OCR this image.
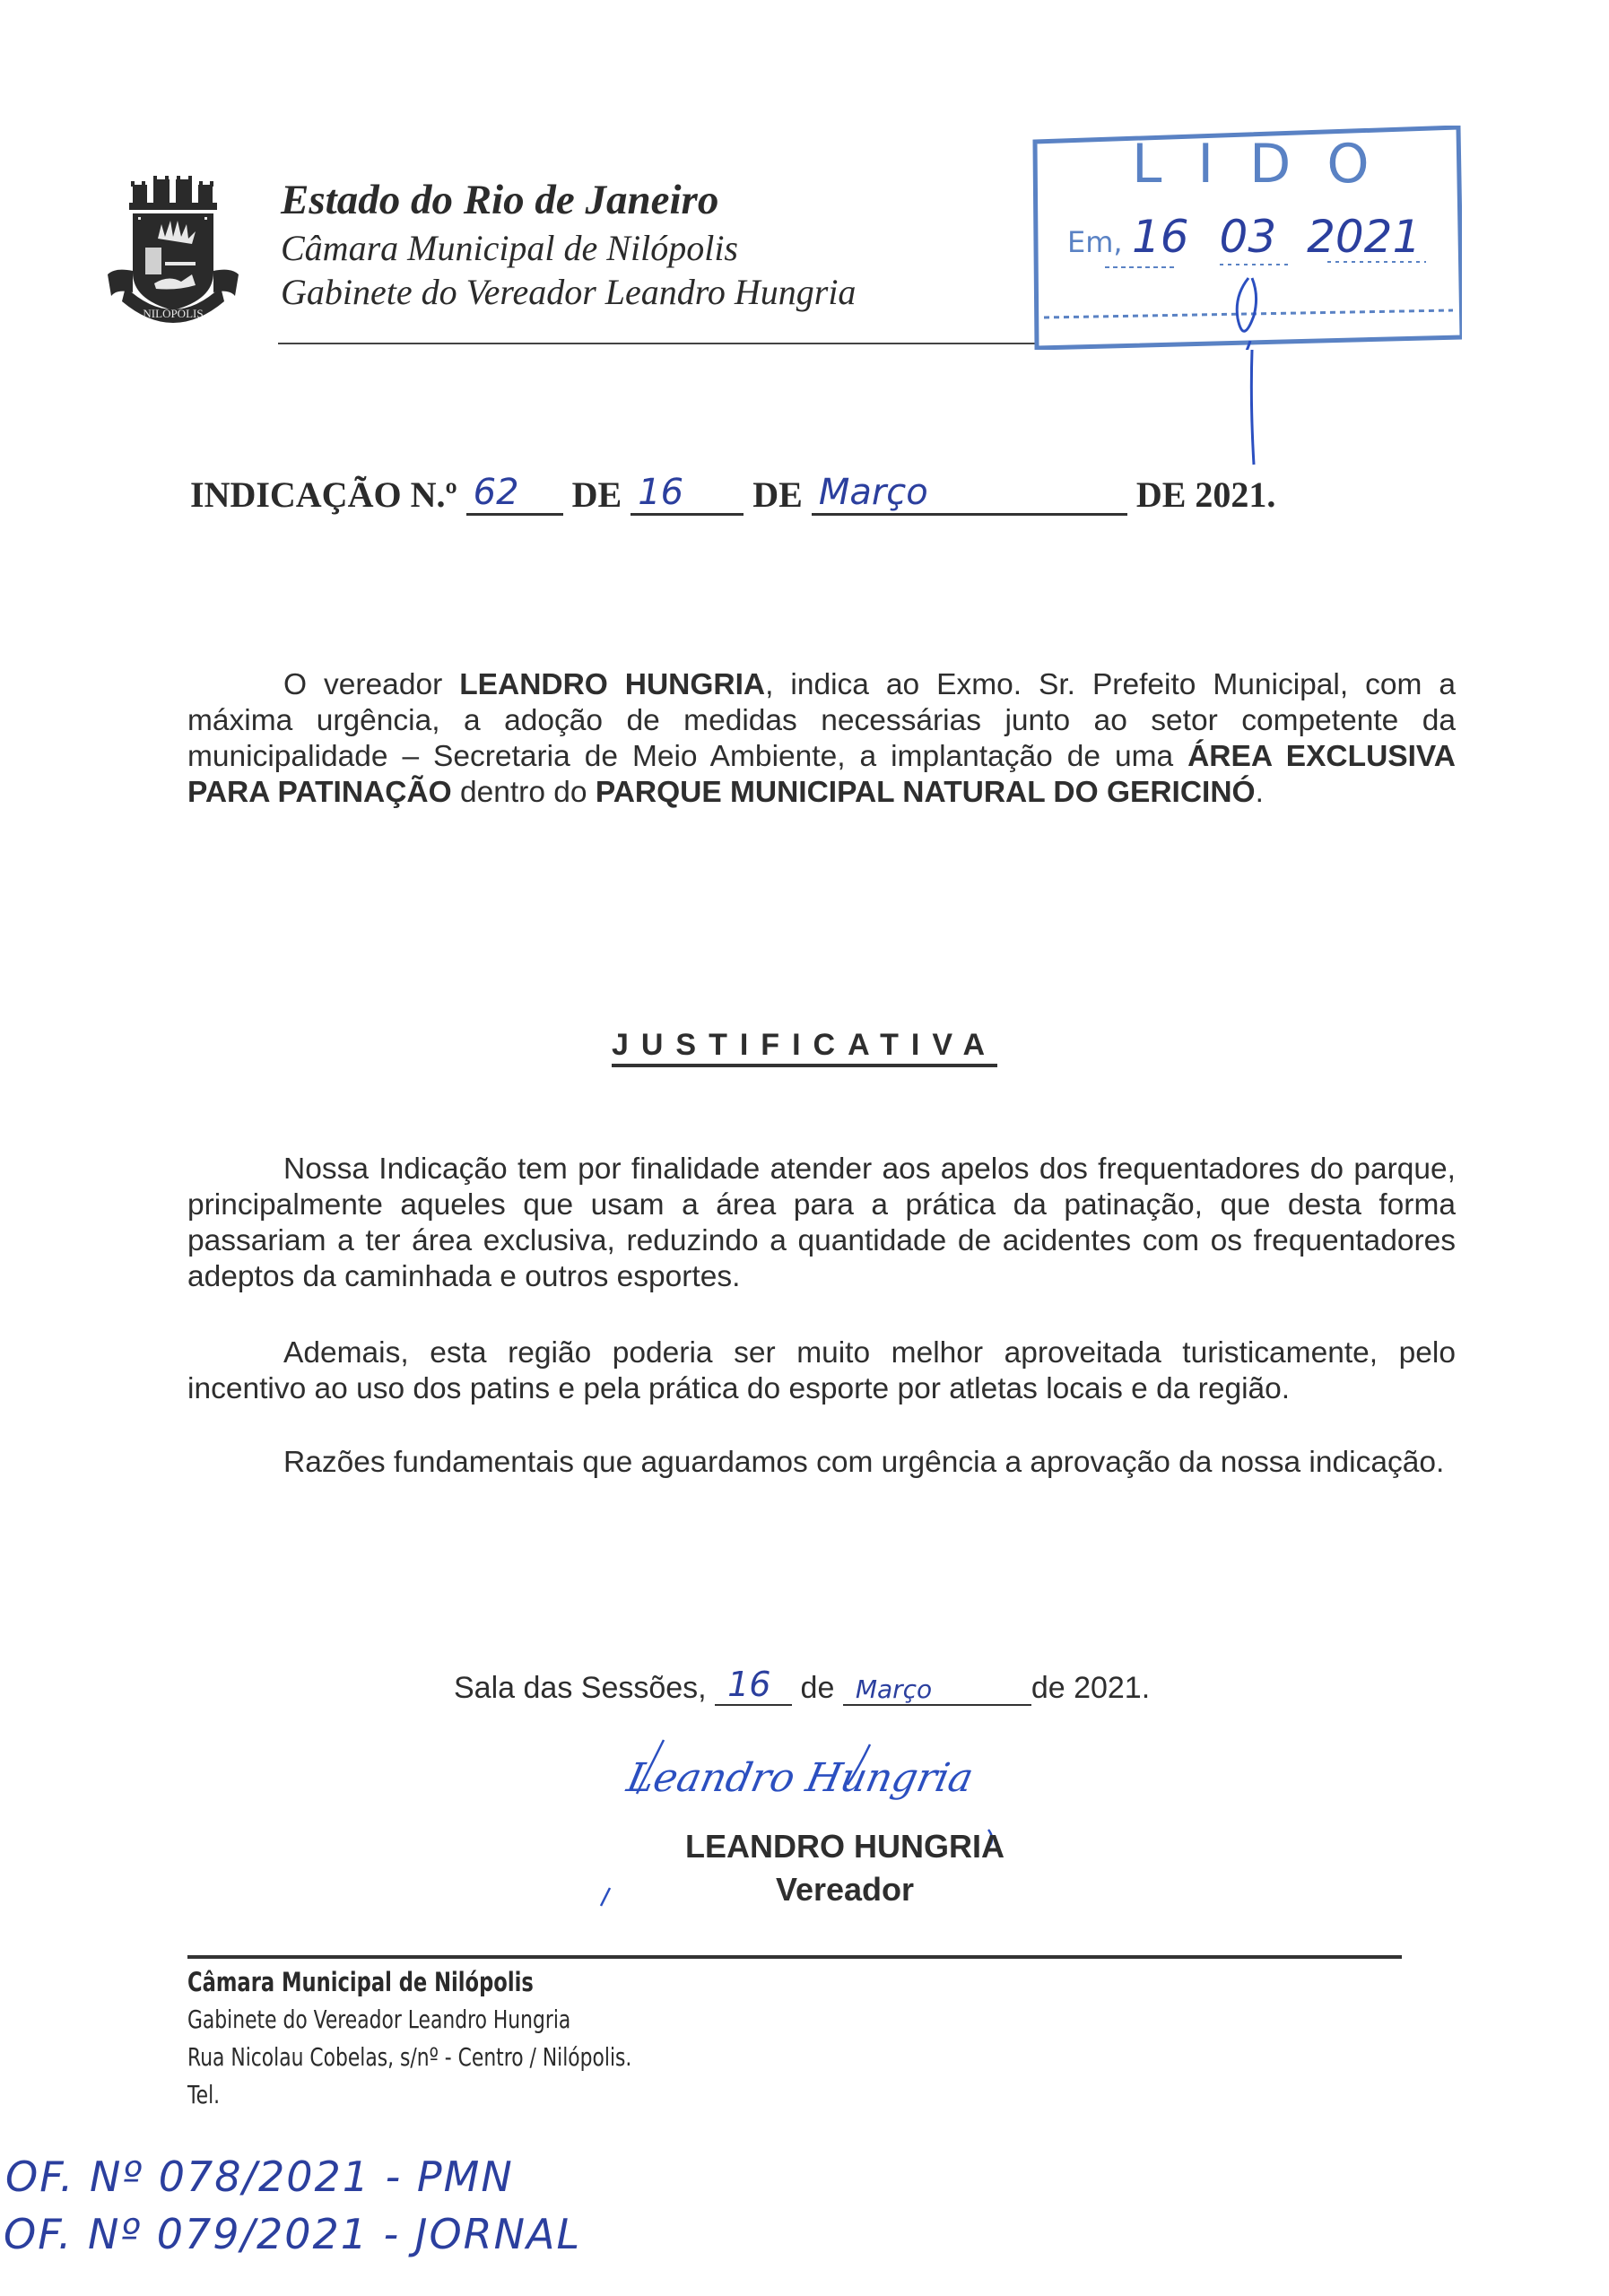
NILOPOLIS
Estado do Rio de Janeiro
Câmara Municipal de Nilópolis
Gabinete do Vereador Leandro Hungria
LIDO
Em, 16 03 2021
INDICAÇÃO N.º 62 DE 16 DE Março	DE 2021.
O vereador LEANDRO HUNGRIA, indica ao Exmo. Sr. Prefeito Municipal, com a máxima urgência, a adoção de medidas necessárias junto ao setor competente da municipalidade – Secretaria de Meio Ambiente, a implantação de uma ÁREA EXCLUSIVA PARA PATINAÇÃO dentro do PARQUE MUNICIPAL NATURAL DO GERICINÓ.
JUSTIFICATIVA
Nossa Indicação tem por finalidade atender aos apelos dos frequentadores do parque, principalmente aqueles que usam a área para a prática da patinação, que desta forma passariam a ter área exclusiva, reduzindo a quantidade de acidentes com os frequentadores adeptos da caminhada e outros esportes.
Ademais, esta região poderia ser muito melhor aproveitada turisticamente, pelo incentivo ao uso dos patins e pela prática do esporte por atletas locais e da região.
Razões fundamentais que aguardamos com urgência a aprovação da nossa indicação.
Sala das Sessões, 16 de Março	de 2021.
Leandro Hungria
LEANDRO HUNGRIA
Vereador
Câmara Municipal de Nilópolis
Gabinete do Vereador Leandro Hungria
Rua Nicolau Cobelas, s/nº - Centro / Nilópolis.
Tel.
OF. Nº 078/2021 - PMN
OF. Nº 079/2021 - JORNAL
